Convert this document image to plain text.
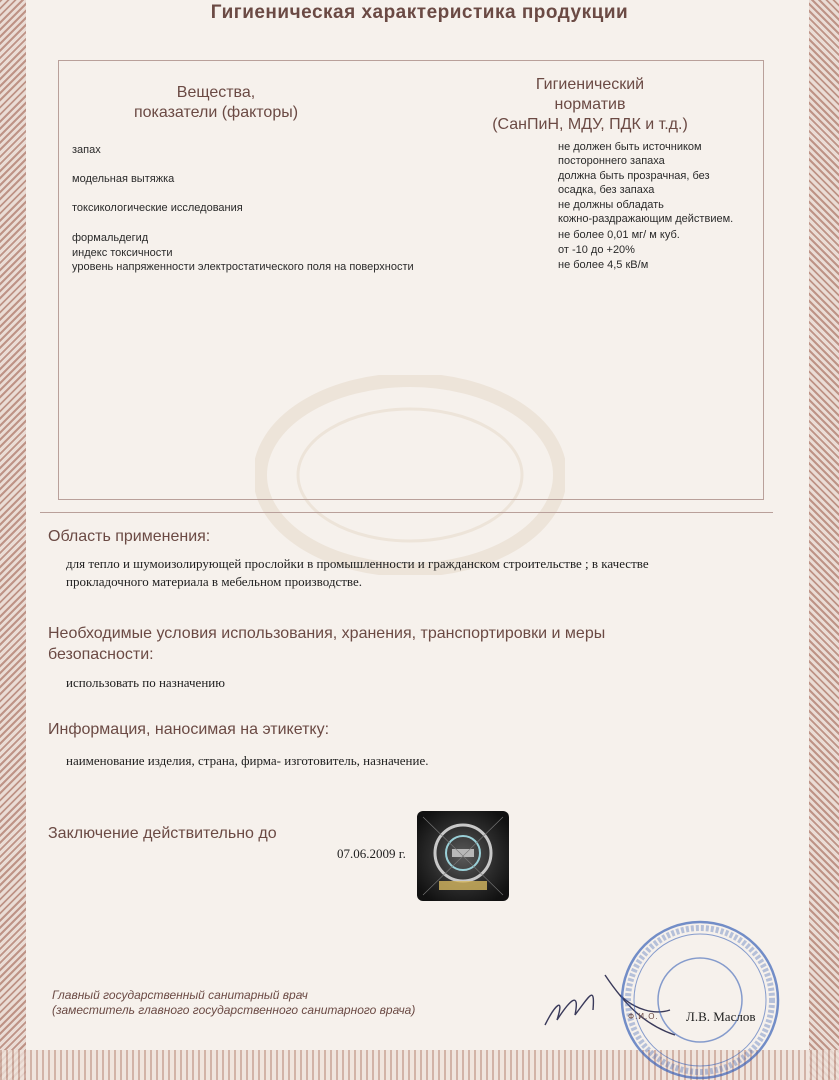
Гигиеническая характеристика продукции
Вещества,
показатели (факторы)
Гигиенический
норматив
(СанПиН, МДУ, ПДК и т.д.)
запах	не должен быть источником
постороннего запаха
модельная вытяжка	должна быть прозрачная, без
осадка, без запаха
токсикологические исследования	не должны обладать
кожно-раздражающим действием.
формальдегид	не более 0,01 мг/ м куб.
индекс токсичности	от -10 до +20%
уровень напряженности электростатического поля на поверхности	не более 4,5 кВ/м
Область применения:
для тепло и шумоизолирующей прослойки в промышленности и гражданском строительстве ; в качестве
прокладочного материала в мебельном производстве.
Необходимые условия использования, хранения, транспортировки и меры
безопасности:
использовать по назначению
Информация, наносимая на этикетку:
наименование изделия, страна, фирма- изготовитель, назначение.
Заключение действительно до
07.06.2009 г.
Главный государственный санитарный врач
(заместитель главного государственного санитарного врача)	Ф.И.О. Л.В. Маслов
